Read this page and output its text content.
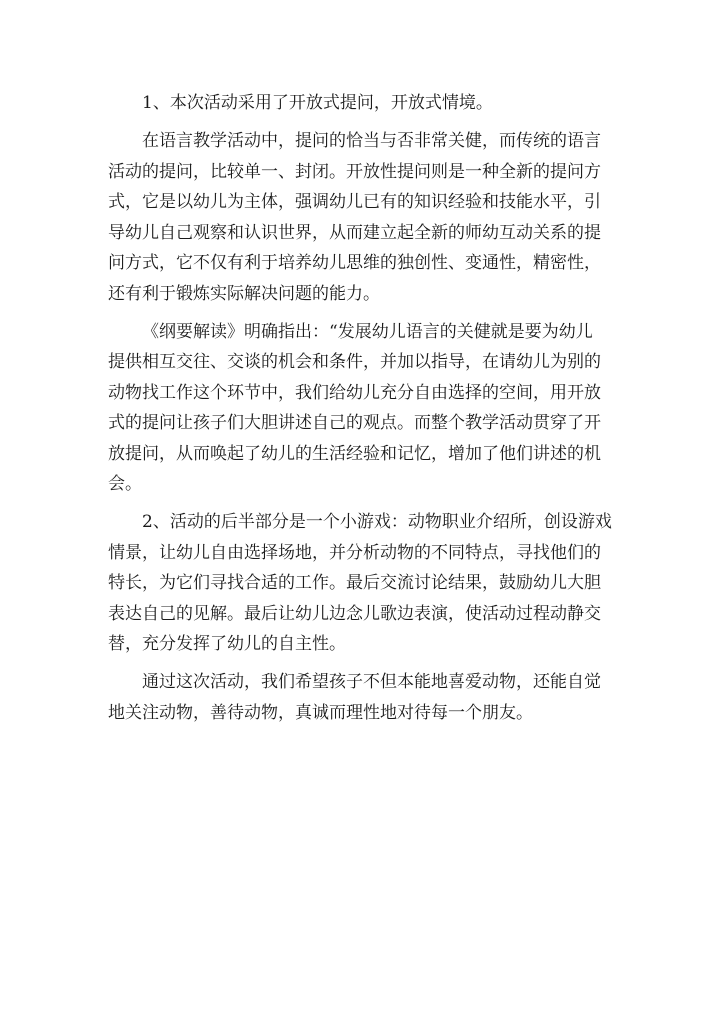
1、本次活动采用了开放式提问，开放式情境。
在语言教学活动中，提问的恰当与否非常关健，而传统的语言
活动的提问，比较单一、封闭。开放性提问则是一种全新的提问方
式，它是以幼儿为主体，强调幼儿已有的知识经验和技能水平，引
导幼儿自己观察和认识世界，从而建立起全新的师幼互动关系的提
问方式，它不仅有利于培养幼儿思维的独创性、变通性，精密性，
还有利于锻炼实际解决问题的能力。
《纲要解读》明确指出：“发展幼儿语言的关健就是要为幼儿
提供相互交往、交谈的机会和条件，并加以指导，在请幼儿为别的
动物找工作这个环节中，我们给幼儿充分自由选择的空间，用开放
式的提问让孩子们大胆讲述自己的观点。而整个教学活动贯穿了开
放提问，从而唤起了幼儿的生活经验和记忆，增加了他们讲述的机
会。
2、活动的后半部分是一个小游戏：动物职业介绍所，创设游戏
情景，让幼儿自由选择场地，并分析动物的不同特点，寻找他们的
特长，为它们寻找合适的工作。最后交流讨论结果，鼓励幼儿大胆
表达自己的见解。最后让幼儿边念儿歌边表演，使活动过程动静交
替，充分发挥了幼儿的自主性。
通过这次活动，我们希望孩子不但本能地喜爱动物，还能自觉
地关注动物，善待动物，真诚而理性地对待每一个朋友。
